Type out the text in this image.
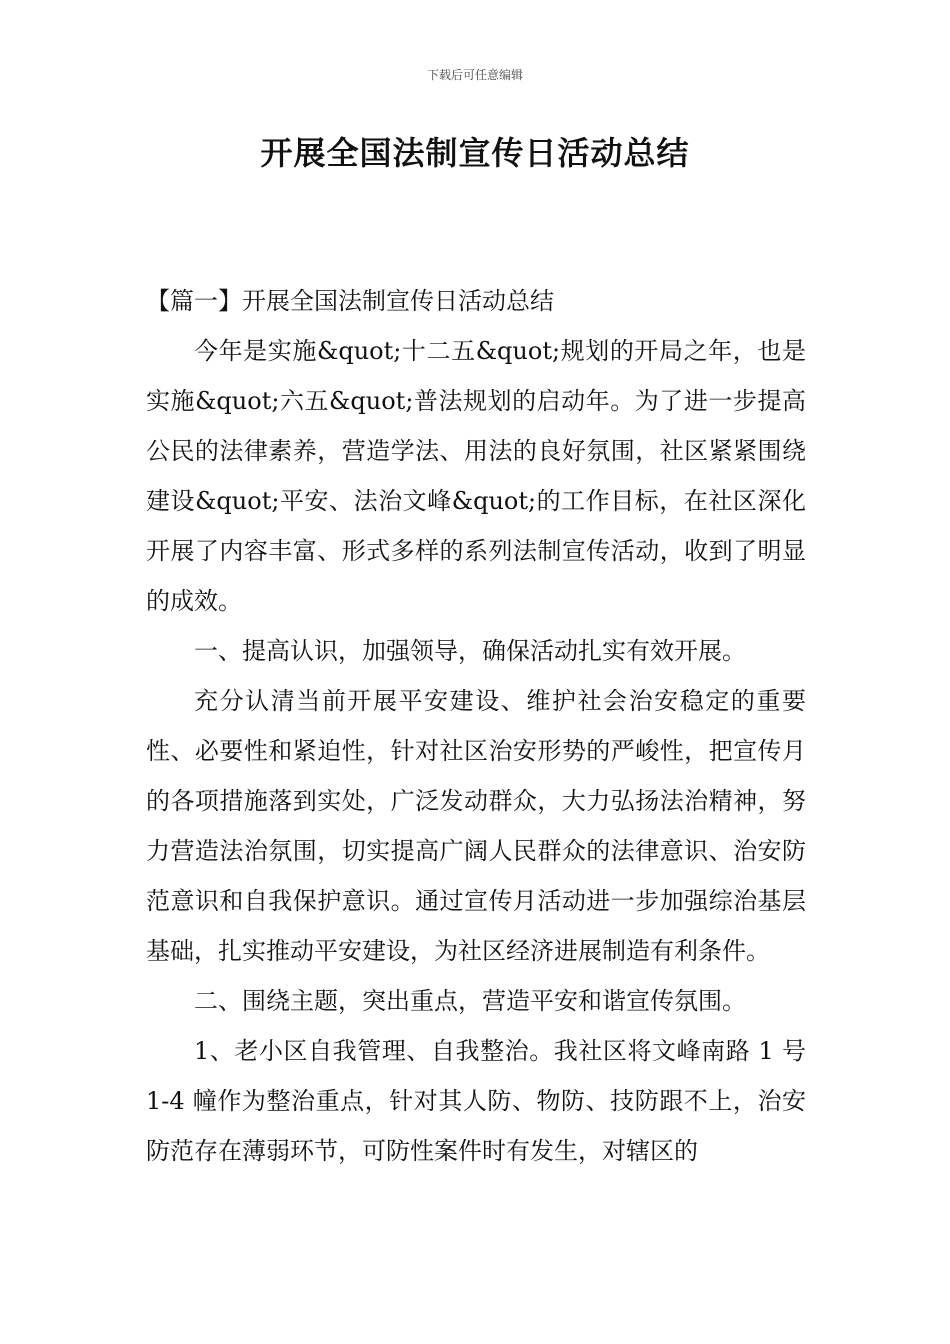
下载后可任意编辑
开展全国法制宣传日活动总结

【篇一】开展全国法制宣传日活动总结

今年是实施&quot;十二五&quot;规划的开局之年，也是实施&quot;六五&quot;普法规划的启动年。为了进一步提高公民的法律素养，营造学法、用法的良好氛围，社区紧紧围绕建设&quot;平安、法治文峰&quot;的工作目标，在社区深化开展了内容丰富、形式多样的系列法制宣传活动，收到了明显的成效。

一、提高认识，加强领导，确保活动扎实有效开展。

充分认清当前开展平安建设、维护社会治安稳定的重要性、必要性和紧迫性，针对社区治安形势的严峻性，把宣传月的各项措施落到实处，广泛发动群众，大力弘扬法治精神，努力营造法治氛围，切实提高广阔人民群众的法律意识、治安防范意识和自我保护意识。通过宣传月活动进一步加强综治基层基础，扎实推动平安建设，为社区经济进展制造有利条件。

二、围绕主题，突出重点，营造平安和谐宣传氛围。

1、老小区自我管理、自我整治。我社区将文峰南路 1 号 1-4 幢作为整治重点，针对其人防、物防、技防跟不上，治安防范存在薄弱环节，可防性案件时有发生，对辖区的
